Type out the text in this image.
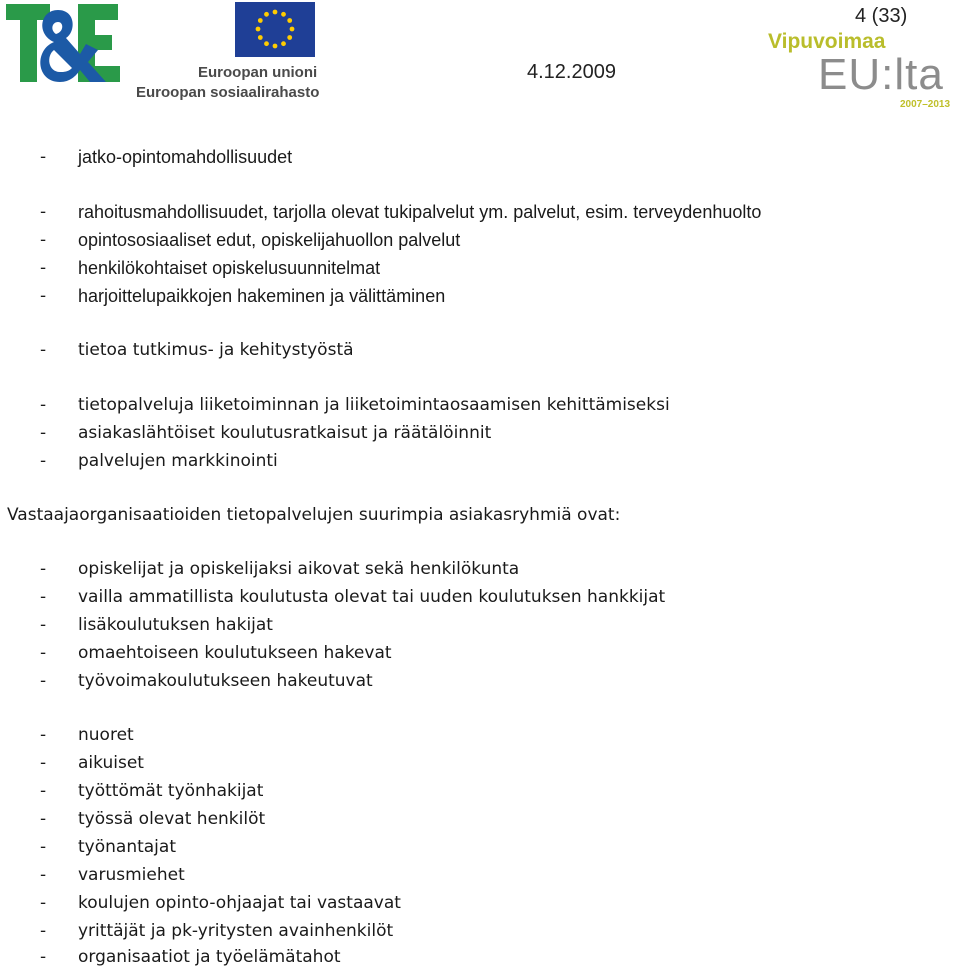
Euroopan unioni
Euroopan sosiaalirahasto
4.12.2009
4 (33)
Vipuvoimaa
EU:lta
2007–2013
- jatko-opintomahdollisuudet
- rahoitusmahdollisuudet, tarjolla olevat tukipalvelut ym. palvelut, esim. terveydenhuolto
- opintososiaaliset edut, opiskelijahuollon palvelut
- henkilökohtaiset opiskelusuunnitelmat
- harjoittelupaikkojen hakeminen ja välittäminen
- tietoa tutkimus- ja kehitystyöstä
- tietopalveluja liiketoiminnan ja liiketoimintaosaamisen kehittämiseksi
- asiakaslähtöiset koulutusratkaisut ja räätälöinnit
- palvelujen markkinointi
Vastaajaorganisaatioiden tietopalvelujen suurimpia asiakasryhmiä ovat:
- opiskelijat ja opiskelijaksi aikovat sekä henkilökunta
- vailla ammatillista koulutusta olevat tai uuden koulutuksen hankkijat
- lisäkoulutuksen hakijat
- omaehtoiseen koulutukseen hakevat
- työvoimakoulutukseen hakeutuvat
- nuoret
- aikuiset
- työttömät työnhakijat
- työssä olevat henkilöt
- työnantajat
- varusmiehet
- koulujen opinto-ohjaajat tai vastaavat
- yrittäjät ja pk-yritysten avainhenkilöt
- organisaatiot ja työelämätahot
